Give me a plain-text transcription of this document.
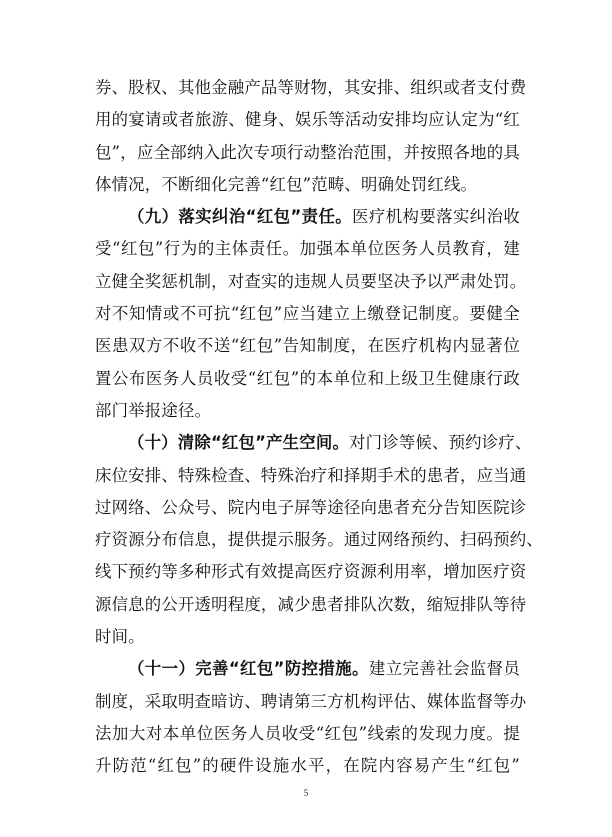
券、股权、其他金融产品等财物，其安排、组织或者支付费
用的宴请或者旅游、健身、娱乐等活动安排均应认定为“红
包”，应全部纳入此次专项行动整治范围，并按照各地的具
体情况，不断细化完善“红包”范畴、明确处罚红线。
（九）落实纠治“红包”责任。医疗机构要落实纠治收
受“红包”行为的主体责任。加强本单位医务人员教育，建
立健全奖惩机制，对查实的违规人员要坚决予以严肃处罚。
对不知情或不可抗“红包”应当建立上缴登记制度。要健全
医患双方不收不送“红包”告知制度，在医疗机构内显著位
置公布医务人员收受“红包”的本单位和上级卫生健康行政
部门举报途径。
（十）清除“红包”产生空间。对门诊等候、预约诊疗、
床位安排、特殊检查、特殊治疗和择期手术的患者，应当通
过网络、公众号、院内电子屏等途径向患者充分告知医院诊
疗资源分布信息，提供提示服务。通过网络预约、扫码预约、
线下预约等多种形式有效提高医疗资源利用率，增加医疗资
源信息的公开透明程度，减少患者排队次数，缩短排队等待
时间。
（十一）完善“红包”防控措施。建立完善社会监督员
制度，采取明查暗访、聘请第三方机构评估、媒体监督等办
法加大对本单位医务人员收受“红包”线索的发现力度。提
升防范“红包”的硬件设施水平，在院内容易产生“红包”
5
